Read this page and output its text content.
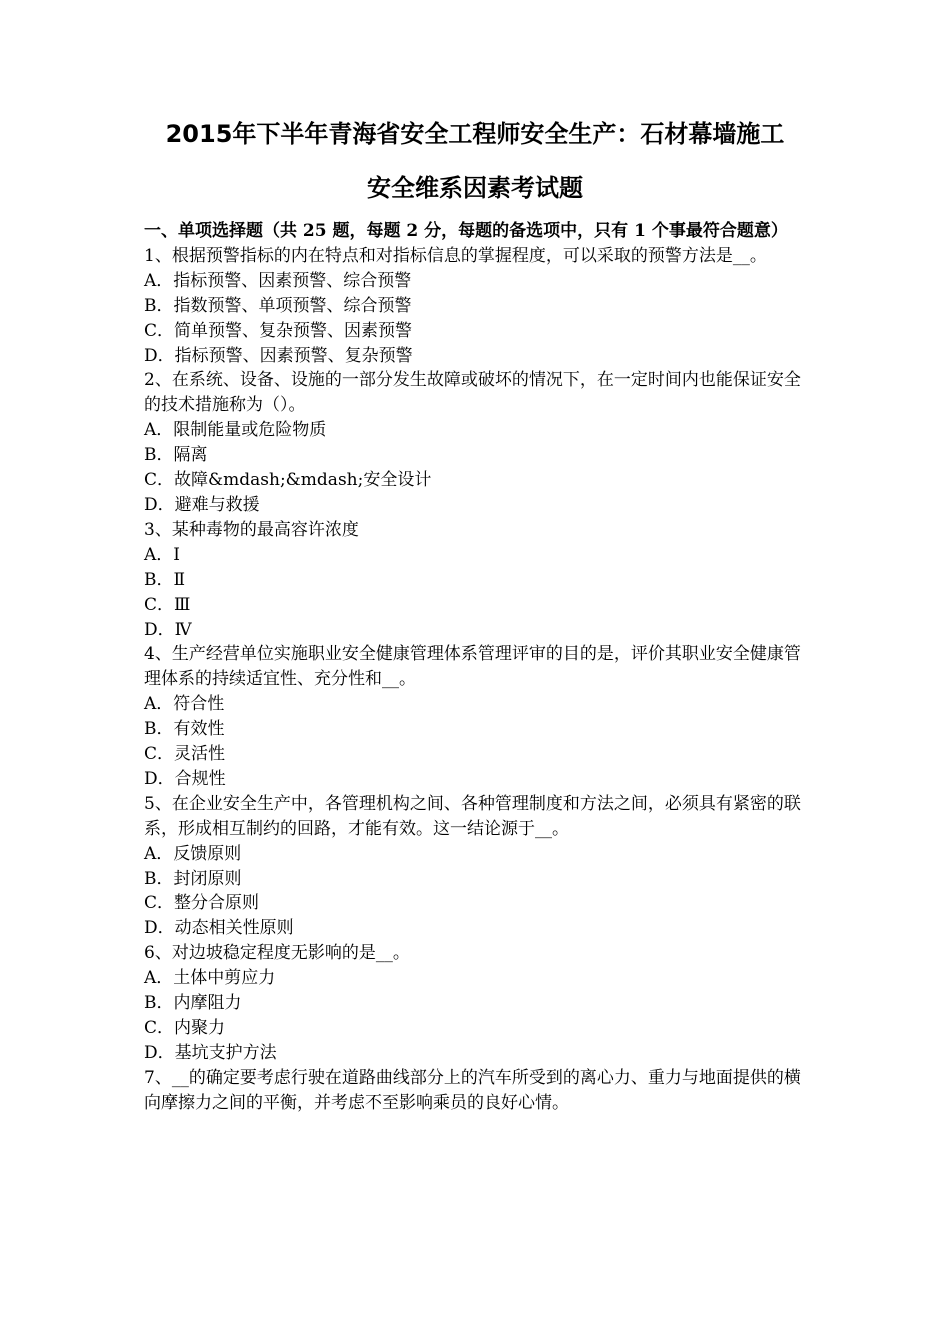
2015年下半年青海省安全工程师安全生产：石材幕墙施工
安全维系因素考试题
一、单项选择题（共 25 题，每题 2 分，每题的备选项中，只有 1 个事最符合题意）

1、根据预警指标的内在特点和对指标信息的掌握程度，可以采取的预警方法是__。

A．指标预警、因素预警、综合预警

B．指数预警、单项预警、综合预警

C．简单预警、复杂预警、因素预警

D．指标预警、因素预警、复杂预警

2、在系统、设备、设施的一部分发生故障或破坏的情况下，在一定时间内也能保证安全的技术措施称为（）。

A．限制能量或危险物质

B．隔离

C．故障&mdash;&mdash;安全设计

D．避难与救援

3、某种毒物的最高容许浓度

A．Ⅰ

B．Ⅱ

C．Ⅲ

D．Ⅳ

4、生产经营单位实施职业安全健康管理体系管理评审的目的是，评价其职业安全健康管理体系的持续适宜性、充分性和__。

A．符合性

B．有效性

C．灵活性

D．合规性

5、在企业安全生产中，各管理机构之间、各种管理制度和方法之间，必须具有紧密的联系，形成相互制约的回路，才能有效。这一结论源于__。

A．反馈原则

B．封闭原则

C．整分合原则

D．动态相关性原则

6、对边坡稳定程度无影响的是__。

A．土体中剪应力

B．内摩阻力

C．内聚力

D．基坑支护方法

7、__的确定要考虑行驶在道路曲线部分上的汽车所受到的离心力、重力与地面提供的横向摩擦力之间的平衡，并考虑不至影响乘员的良好心情。
